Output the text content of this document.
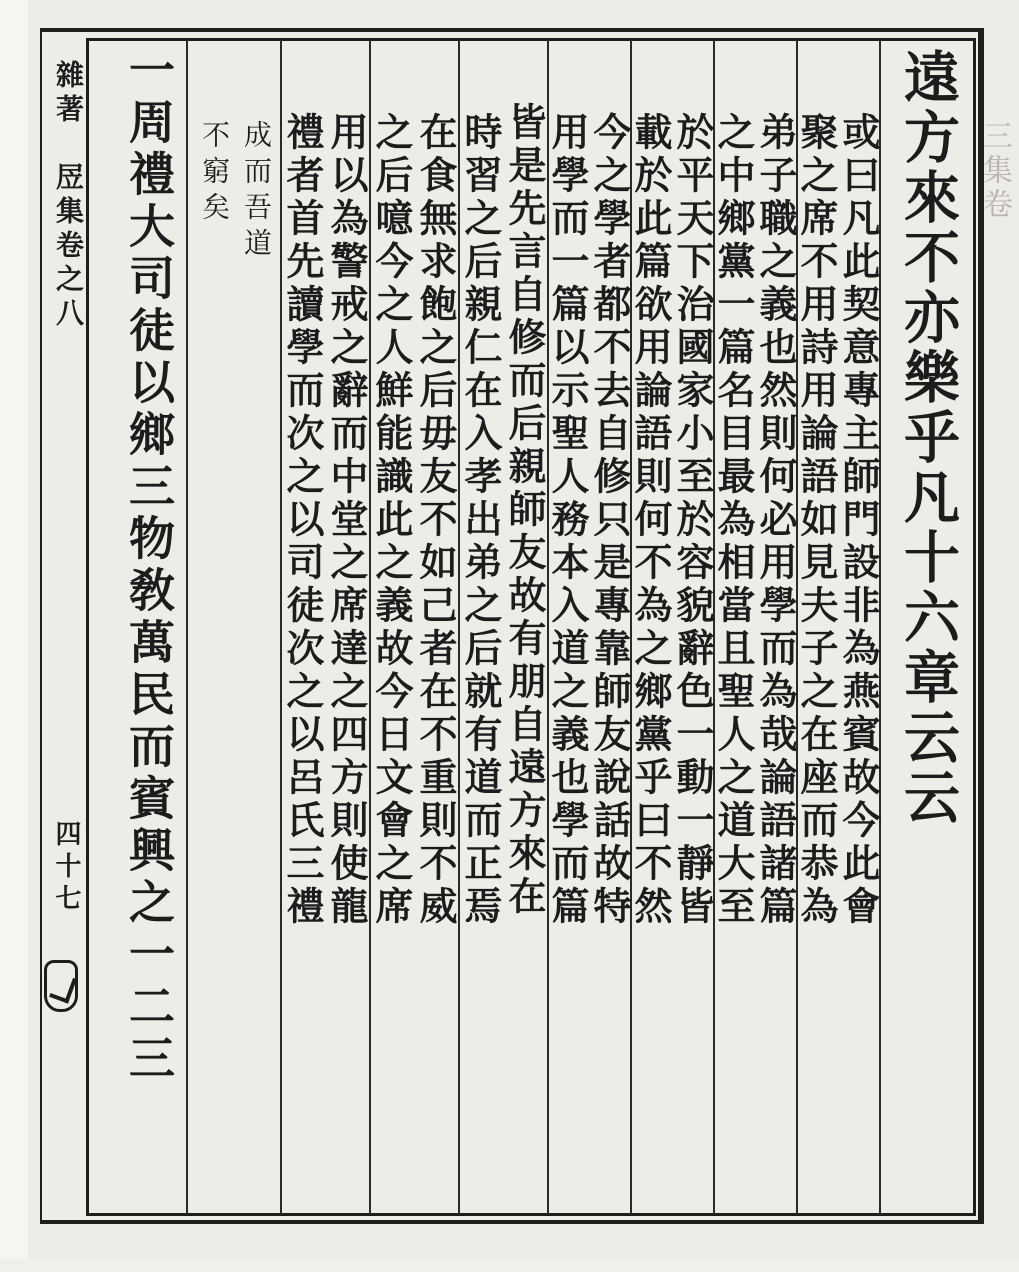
三集卷
雜著　㞐集卷之八
四十七
遠方來不亦樂乎凡十六章云云
或曰凡此契意專主師門設非為燕賓故今此會
聚之席不用詩用論語如見夫子之在座而恭為
弟子職之義也然則何必用學而為哉論語諸篇
之中鄉黨一篇名目最為相當且聖人之道大至
於平天下治國家小至於容貌辭色一動一靜皆
載於此篇欲用論語則何不為之鄉黨乎曰不然
今之學者都不去自修只是專靠師友說話故特
用學而一篇以示聖人務本入道之義也學而篇
皆是先言自修而后親師友故有朋自遠方來在
時習之后親仁在入孝出弟之后就有道而正焉
在食無求飽之后毋友不如己者在不重則不威
之后噫今之人鮮能識此之義故今日文會之席
用以為警戒之辭而中堂之席達之四方則使龍
禮者首先讀學而次之以司徒次之以呂氏三禮
成而吾道
不窮矣
一周禮大司徒以鄉三物敎萬民而賓興之一二三
